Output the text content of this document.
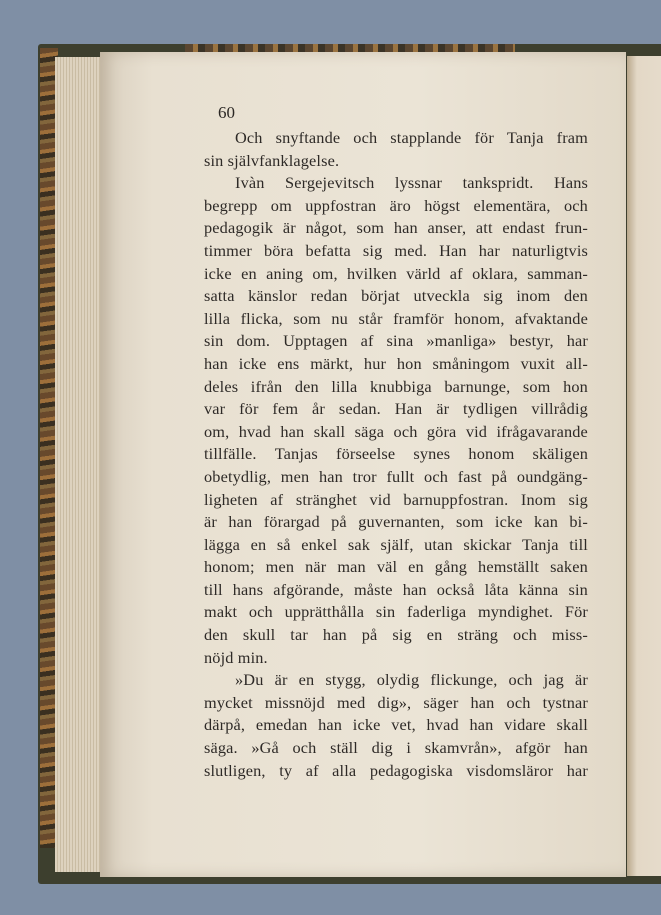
60
Och snyftande och stapplande för Tanja fram
sin självfanklagelse.
Ivàn Sergejevitsch lyssnar tankspridt. Hans
begrepp om uppfostran äro högst elementära, och
pedagogik är något, som han anser, att endast frun-
timmer böra befatta sig med. Han har naturligtvis
icke en aning om, hvilken värld af oklara, samman-
satta känslor redan börjat utveckla sig inom den
lilla flicka, som nu står framför honom, afvaktande
sin dom. Upptagen af sina »manliga» bestyr, har
han icke ens märkt, hur hon småningom vuxit all-
deles ifrån den lilla knubbiga barnunge, som hon
var för fem år sedan. Han är tydligen villrådig
om, hvad han skall säga och göra vid ifrågavarande
tillfälle. Tanjas förseelse synes honom skäligen
obetydlig, men han tror fullt och fast på oundgäng-
ligheten af stränghet vid barnuppfostran. Inom sig
är han förargad på guvernanten, som icke kan bi-
lägga en så enkel sak själf, utan skickar Tanja till
honom; men när man väl en gång hemställt saken
till hans afgörande, måste han också låta känna sin
makt och upprätthålla sin faderliga myndighet. För
den skull tar han på sig en sträng och miss-
nöjd min.
»Du är en stygg, olydig flickunge, och jag är
mycket missnöjd med dig», säger han och tystnar
därpå, emedan han icke vet, hvad han vidare skall
säga. »Gå och ställ dig i skamvrån», afgör han
slutligen, ty af alla pedagogiska visdomsläror har
